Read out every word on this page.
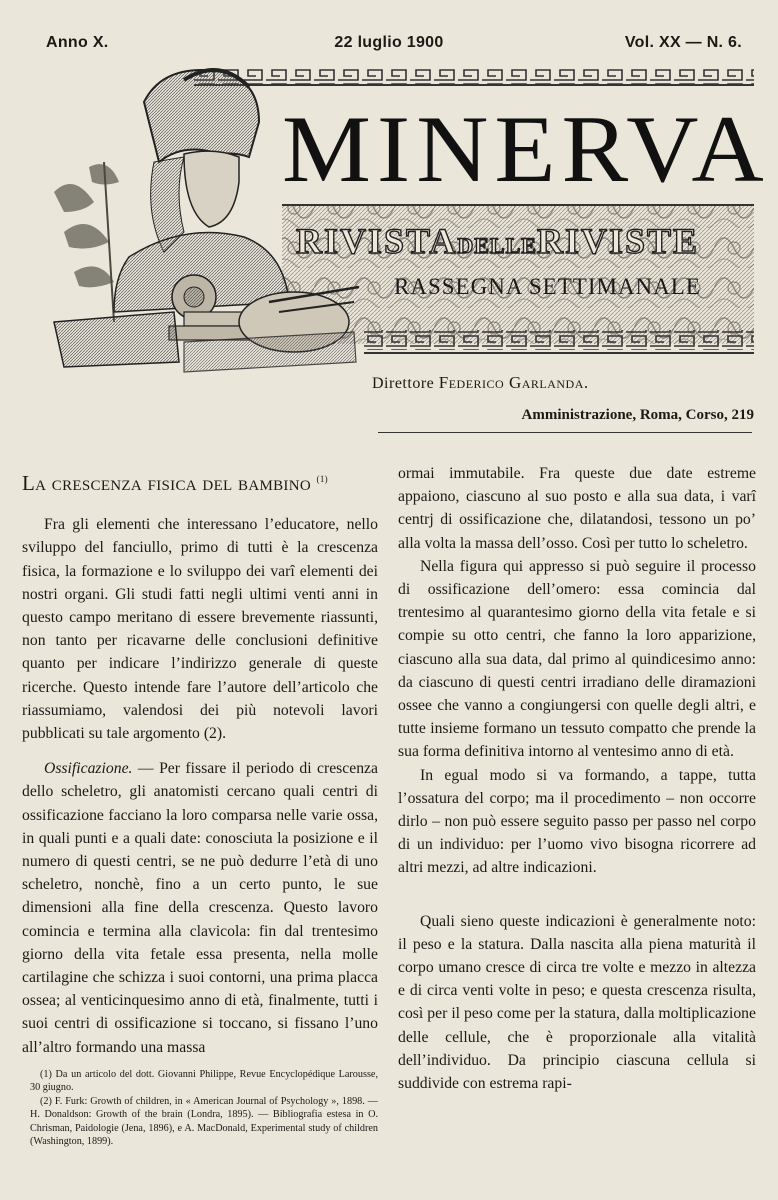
Anno X.	22 luglio 1900	Vol. XX — N. 6.
MINERVA
RIVISTADELLERIVISTE
RASSEGNA SETTIMANALE
Direttore Federico Garlanda.
Amministrazione, Roma, Corso, 219
La crescenza fisica del bambino $^{(1)}$

Fra gli elementi che interessano l’educatore, nello sviluppo del fanciullo, primo di tutti è la crescenza fisica, la formazione e lo sviluppo dei varî elementi dei nostri organi. Gli studi fatti negli ultimi venti anni in questo campo meritano di essere brevemente riassunti, non tanto per ricavarne delle conclusioni definitive quanto per indicare l’indirizzo generale di queste ricerche. Questo intende fare l’autore dell’articolo che riassumiamo, valendosi dei più notevoli lavori pubblicati su tale argomento (2).

Ossificazione. — Per fissare il periodo di crescenza dello scheletro, gli anatomisti cercano quali centri di ossificazione facciano la loro comparsa nelle varie ossa, in quali punti e a quali date: conosciuta la posizione e il numero di questi centri, se ne può dedurre l’età di uno scheletro, nonchè, fino a un certo punto, le sue dimensioni alla fine della crescenza. Questo lavoro comincia e termina alla clavicola: fin dal trentesimo giorno della vita fetale essa presenta, nella molle cartilagine che schizza i suoi contorni, una prima placca ossea; al venticinquesimo anno di età, finalmente, tutti i suoi centri di ossificazione si toccano, si fissano l’uno all’altro formando una massa

ormai immutabile. Fra queste due date estreme appaiono, ciascuno al suo posto e alla sua data, i varî centrj di ossificazione che, dilatandosi, tessono un po’ alla volta la massa dell’osso. Così per tutto lo scheletro.

Nella figura qui appresso si può seguire il processo di ossificazione dell’omero: essa comincia dal trentesimo al quarantesimo giorno della vita fetale e si compie su otto centri, che fanno la loro apparizione, ciascuno alla sua data, dal primo al quindicesimo anno: da ciascuno di questi centri irradiano delle diramazioni ossee che vanno a congiungersi con quelle degli altri, e tutte insieme formano un tessuto compatto che prende la sua forma definitiva intorno al ventesimo anno di età.

In egual modo si va formando, a tappe, tutta l’ossatura del corpo; ma il procedimento – non occorre dirlo – non può essere seguito passo per passo nel corpo di un individuo: per l’uomo vivo bisogna ricorrere ad altri mezzi, ad altre indicazioni.

Quali sieno queste indicazioni è generalmente noto: il peso e la statura. Dalla nascita alla piena maturità il corpo umano cresce di circa tre volte e mezzo in altezza e di circa venti volte in peso; e questa crescenza risulta, così per il peso come per la statura, dalla moltiplicazione delle cellule, che è proporzionale alla vitalità dell’individuo. Da principio ciascuna cellula si suddivide con estrema rapi-

(1) Da un articolo del dott. Giovanni Philippe, Revue Encyclopédique Larousse, 30 giugno.

(2) F. Furk: Growth of children, in « American Journal of Psychology », 1898. — H. Donaldson: Growth of the brain (Londra, 1895). — Bibliografia estesa in O. Chrisman, Paidologie (Jena, 1896), e A. MacDonald, Experimental study of children (Washington, 1899).
